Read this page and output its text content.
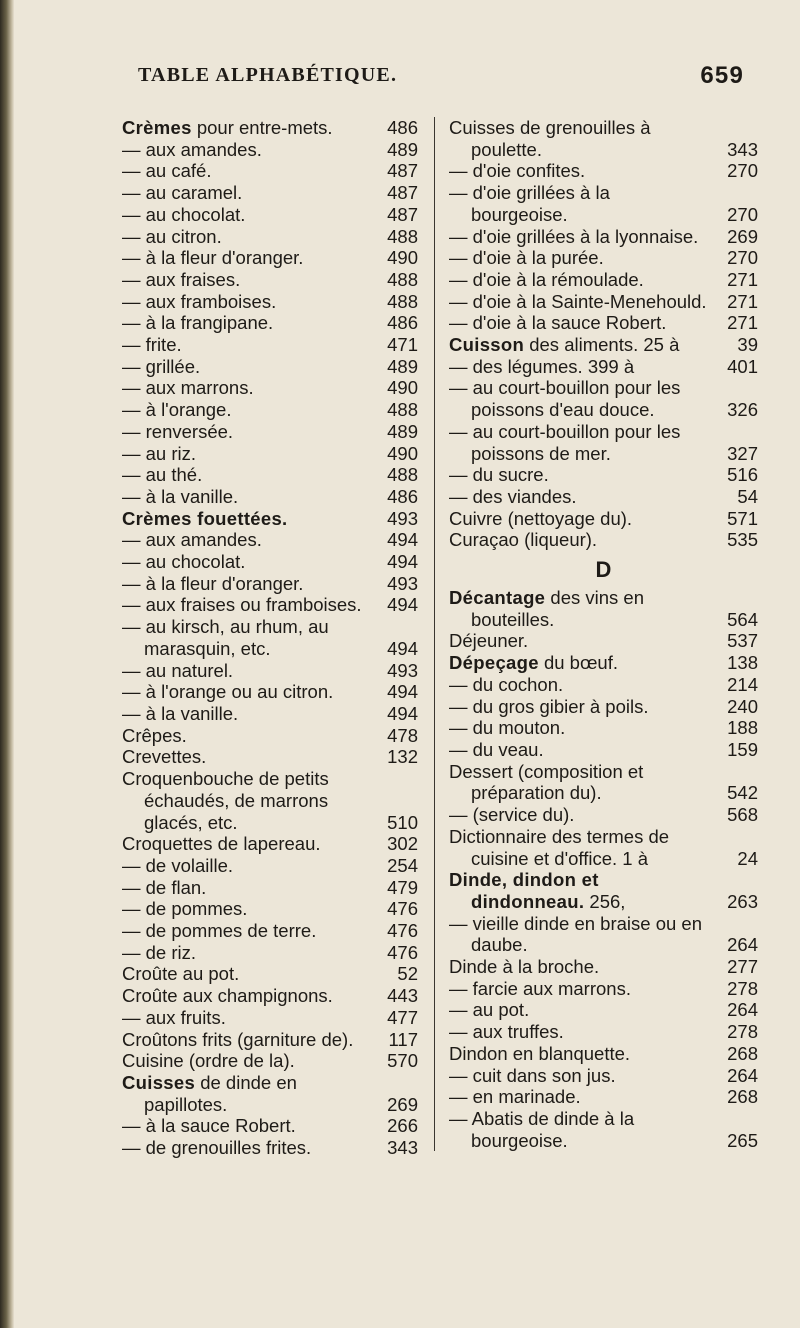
TABLE ALPHABÉTIQUE.	659
Crèmes pour entre-mets.	486
— aux amandes.	489
— au café.	487
— au caramel.	487
— au chocolat.	487
— au citron.	488
— à la fleur d'oranger.	490
— aux fraises.	488
— aux framboises.	488
— à la frangipane.	486
— frite.	471
— grillée.	489
— aux marrons.	490
— à l'orange.	488
— renversée.	489
— au riz.	490
— au thé.	488
— à la vanille.	486
Crèmes fouettées.	493
— aux amandes.	494
— au chocolat.	494
— à la fleur d'oranger.	493
— aux fraises ou framboises.	494
— au kirsch, au rhum, au marasquin, etc.	494
— au naturel.	493
— à l'orange ou au citron.	494
— à la vanille.	494
Crêpes.	478
Crevettes.	132
Croquenbouche de petits échaudés, de marrons glacés, etc.	510
Croquettes de lapereau.	302
— de volaille.	254
— de flan.	479
— de pommes.	476
— de pommes de terre.	476
— de riz.	476
Croûte au pot.	52
Croûte aux champignons.	443
— aux fruits.	477
Croûtons frits (garniture de).	117
Cuisine (ordre de la).	570
Cuisses de dinde en papillotes.	269
— à la sauce Robert.	266
— de grenouilles frites.	343
Cuisses de grenouilles à poulette.	343
— d'oie confites.	270
— d'oie grillées à la bourgeoise.	270
— d'oie grillées à la lyonnaise.	269
— d'oie à la purée.	270
— d'oie à la rémoulade.	271
— d'oie à la Sainte-Menehould.	271
— d'oie à la sauce Robert.	271
Cuisson des aliments. 25 à	39
— des légumes. 399 à	401
— au court-bouillon pour les poissons d'eau douce.	326
— au court-bouillon pour les poissons de mer.	327
— du sucre.	516
— des viandes.	54
Cuivre (nettoyage du).	571
Curaçao (liqueur).	535
D
Décantage des vins en bouteilles.	564
Déjeuner.	537
Dépeçage du bœuf.	138
— du cochon.	214
— du gros gibier à poils.	240
— du mouton.	188
— du veau.	159
Dessert (composition et préparation du).	542
— (service du).	568
Dictionnaire des termes de cuisine et d'office. 1 à	24
Dinde, dindon et dindonneau. 256,	263
— vieille dinde en braise ou en daube.	264
Dinde à la broche.	277
— farcie aux marrons.	278
— au pot.	264
— aux truffes.	278
Dindon en blanquette.	268
— cuit dans son jus.	264
— en marinade.	268
— Abatis de dinde à la bourgeoise.	265
